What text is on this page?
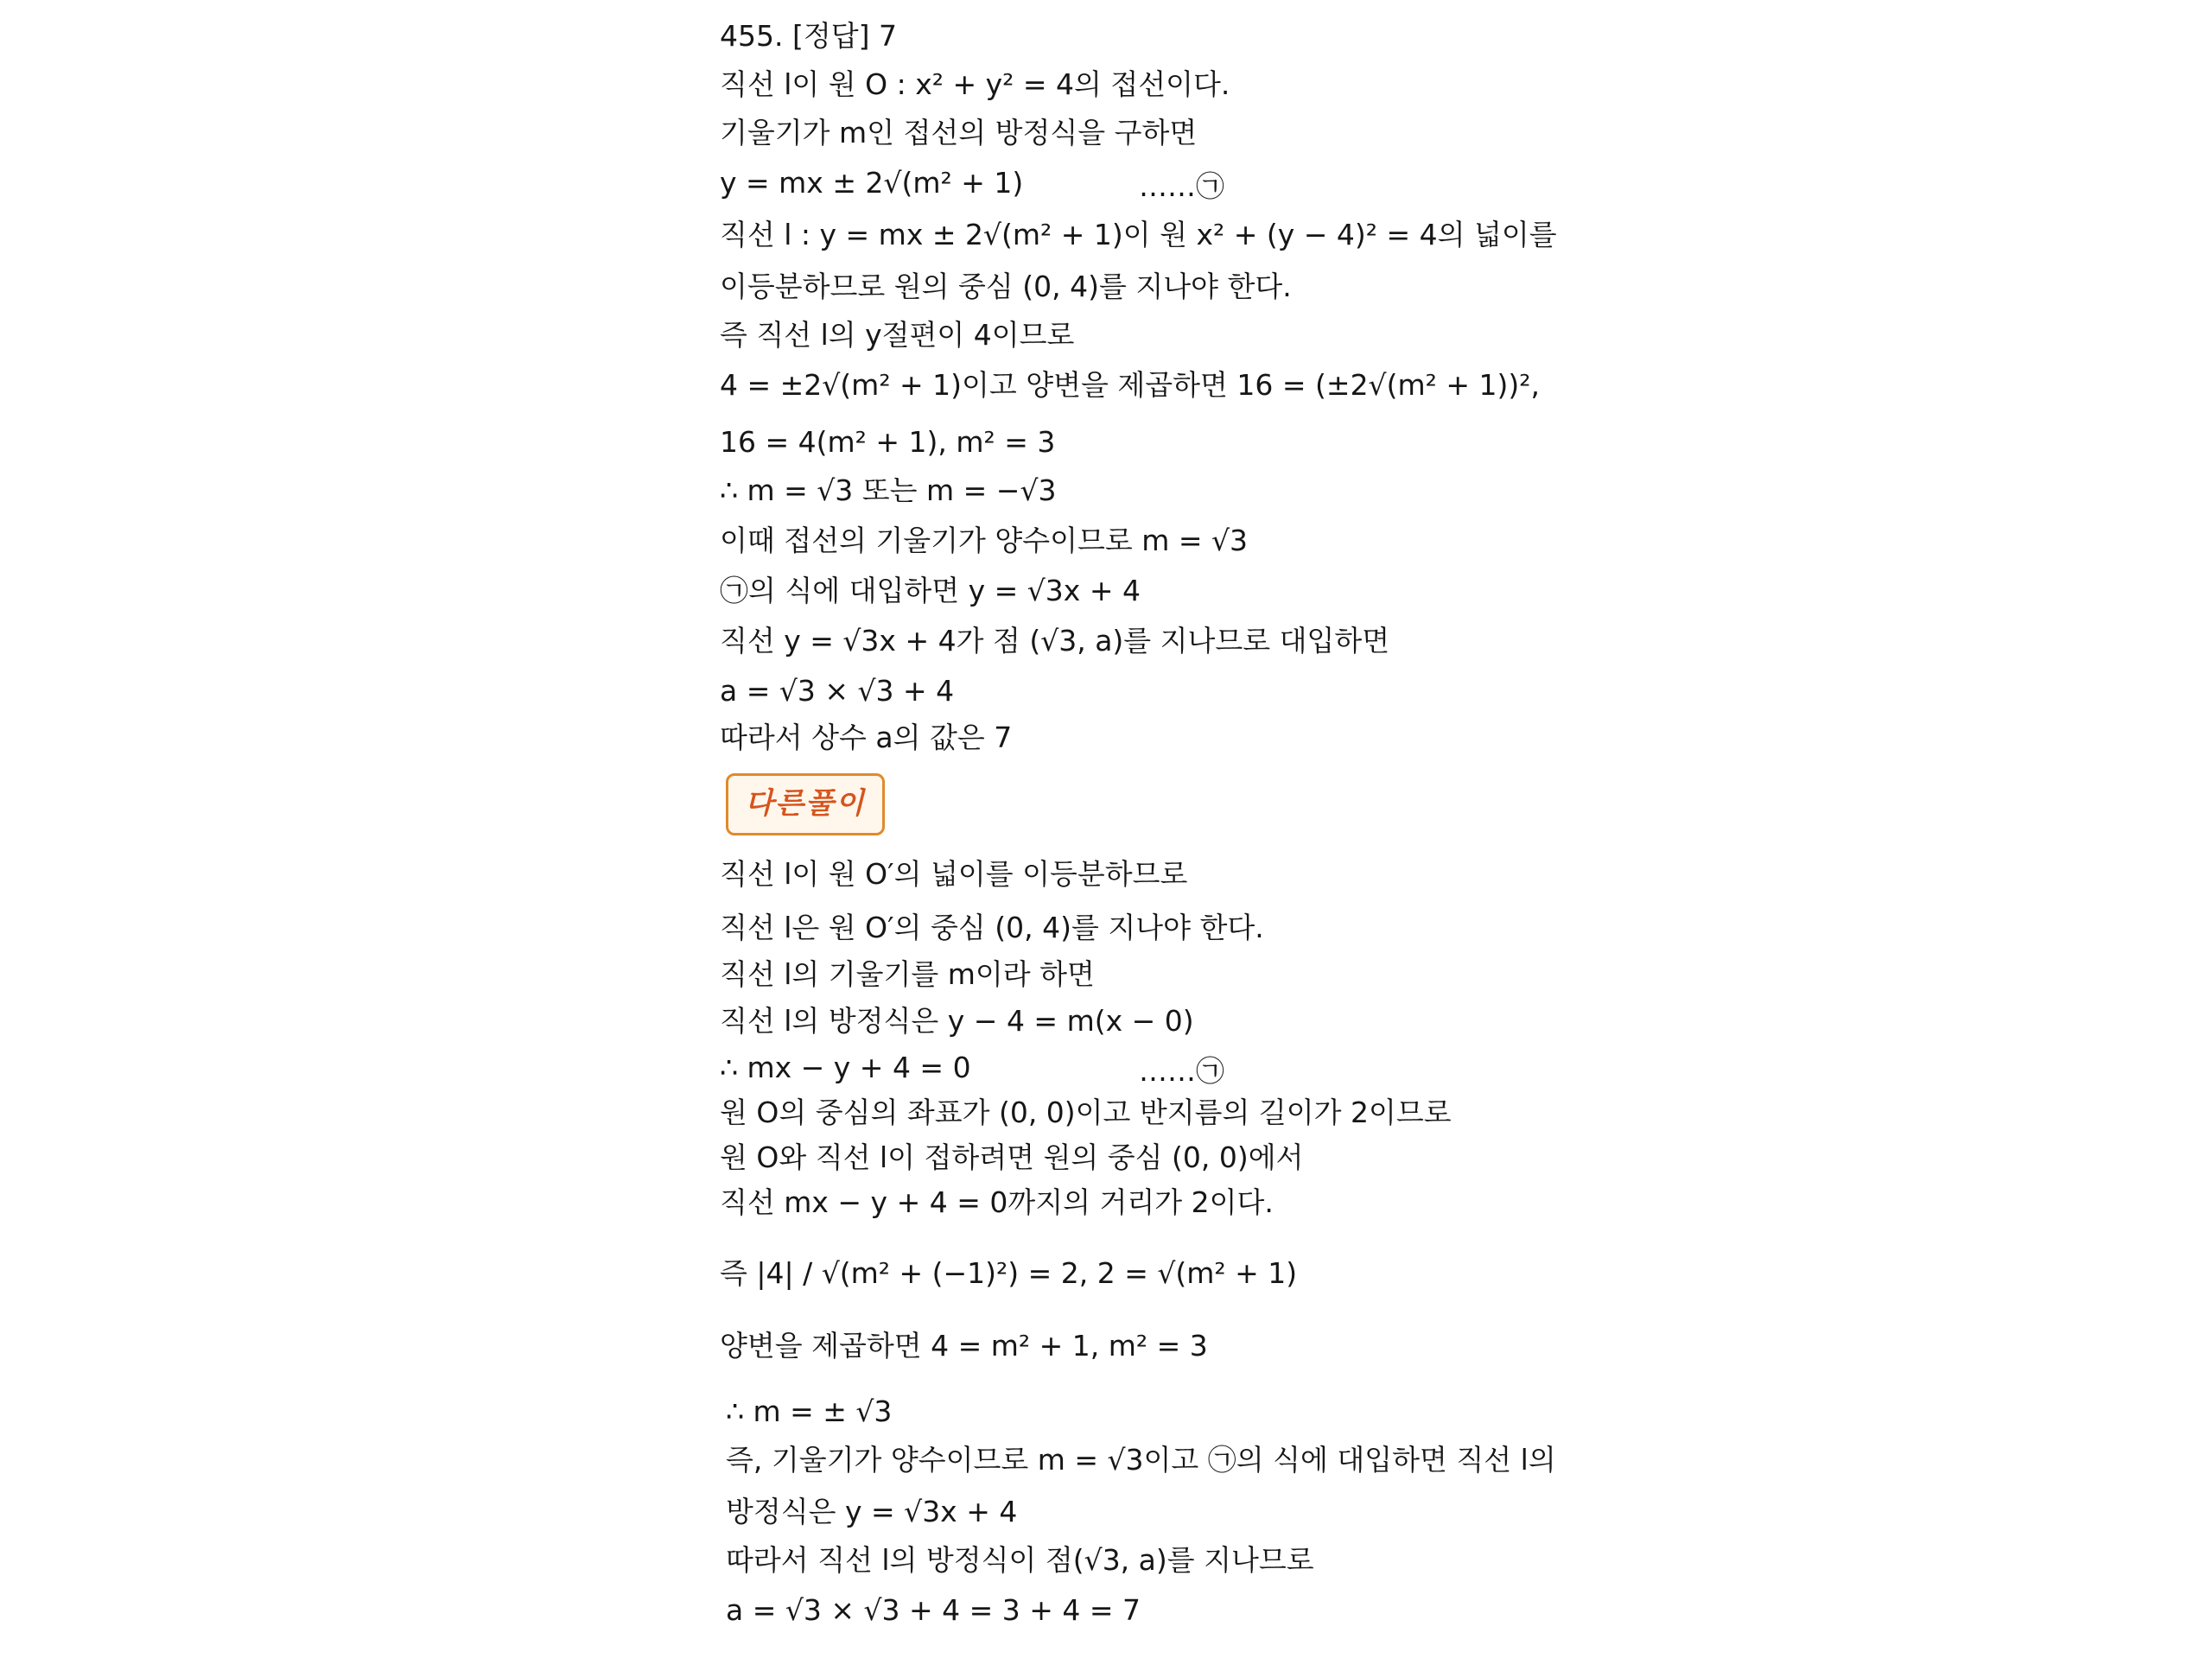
455. [정답] 7
직선 l이 원 O : x² + y² = 4의 접선이다.
기울기가 m인 접선의 방정식을 구하면
y = mx ± 2√(m² + 1)	……㉠
직선 l : y = mx ± 2√(m² + 1)이 원 x² + (y − 4)² = 4의 넓이를
이등분하므로 원의 중심 (0, 4)를 지나야 한다.
즉 직선 l의 y절편이 4이므로
4 = ±2√(m² + 1)이고 양변을 제곱하면 16 = (±2√(m² + 1))²,
16 = 4(m² + 1), m² = 3
∴ m = √3 또는 m = −√3
이때 접선의 기울기가 양수이므로 m = √3
㉠의 식에 대입하면 y = √3x + 4
직선 y = √3x + 4가 점 (√3, a)를 지나므로 대입하면
a = √3 × √3 + 4
따라서 상수 a의 값은 7
다른풀이
직선 l이 원 O′의 넓이를 이등분하므로
직선 l은 원 O′의 중심 (0, 4)를 지나야 한다.
직선 l의 기울기를 m이라 하면
직선 l의 방정식은 y − 4 = m(x − 0)
∴ mx − y + 4 = 0	……㉠
원 O의 중심의 좌표가 (0, 0)이고 반지름의 길이가 2이므로
원 O와 직선 l이 접하려면 원의 중심 (0, 0)에서
직선 mx − y + 4 = 0까지의 거리가 2이다.
즉 |4| / √(m² + (−1)²) = 2, 2 = √(m² + 1)
양변을 제곱하면 4 = m² + 1, m² = 3
∴ m = ± √3
즉, 기울기가 양수이므로 m = √3이고 ㉠의 식에 대입하면 직선 l의
방정식은 y = √3x + 4
따라서 직선 l의 방정식이 점(√3, a)를 지나므로
a = √3 × √3 + 4 = 3 + 4 = 7
